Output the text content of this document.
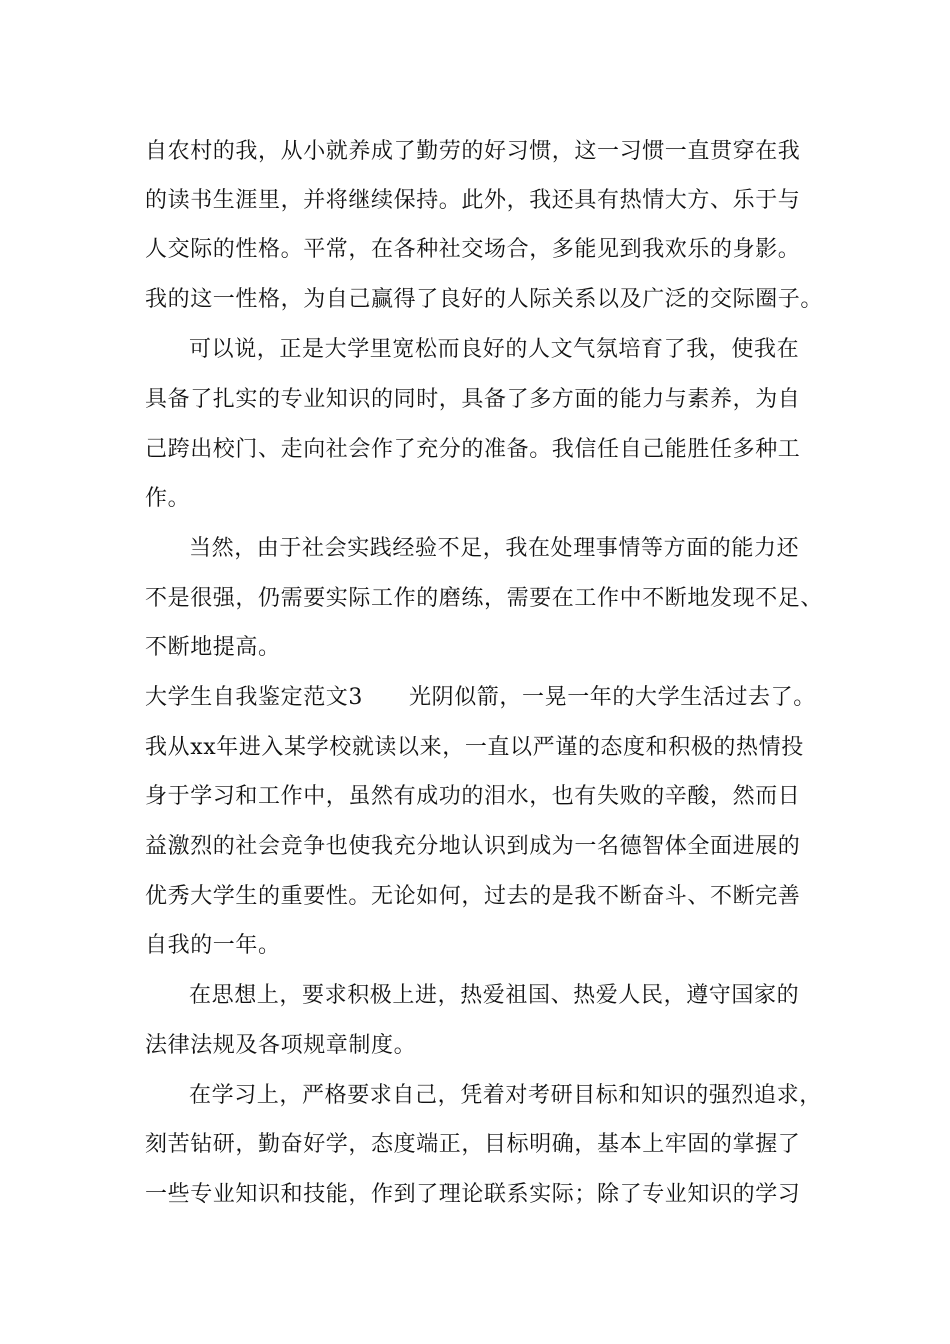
自农村的我，从小就养成了勤劳的好习惯，这一习惯一直贯穿在我
的读书生涯里，并将继续保持。此外，我还具有热情大方、乐于与
人交际的性格。平常，在各种社交场合，多能见到我欢乐的身影。
我的这一性格，为自己赢得了良好的人际关系以及广泛的交际圈子。
可以说，正是大学里宽松而良好的人文气氛培育了我，使我在
具备了扎实的专业知识的同时，具备了多方面的能力与素养，为自
己跨出校门、走向社会作了充分的准备。我信任自己能胜任多种工
作。
当然，由于社会实践经验不足，我在处理事情等方面的能力还
不是很强，仍需要实际工作的磨练，需要在工作中不断地发现不足、
不断地提高。
大学生自我鉴定范文3 光阴似箭，一晃一年的大学生活过去了。
我从xx年进入某学校就读以来，一直以严谨的态度和积极的热情投
身于学习和工作中，虽然有成功的泪水，也有失败的辛酸，然而日
益激烈的社会竞争也使我充分地认识到成为一名德智体全面进展的
优秀大学生的重要性。无论如何，过去的是我不断奋斗、不断完善
自我的一年。
在思想上，要求积极上进，热爱祖国、热爱人民，遵守国家的
法律法规及各项规章制度。
在学习上，严格要求自己，凭着对考研目标和知识的强烈追求，
刻苦钻研，勤奋好学，态度端正，目标明确，基本上牢固的掌握了
一些专业知识和技能，作到了理论联系实际；除了专业知识的学习
